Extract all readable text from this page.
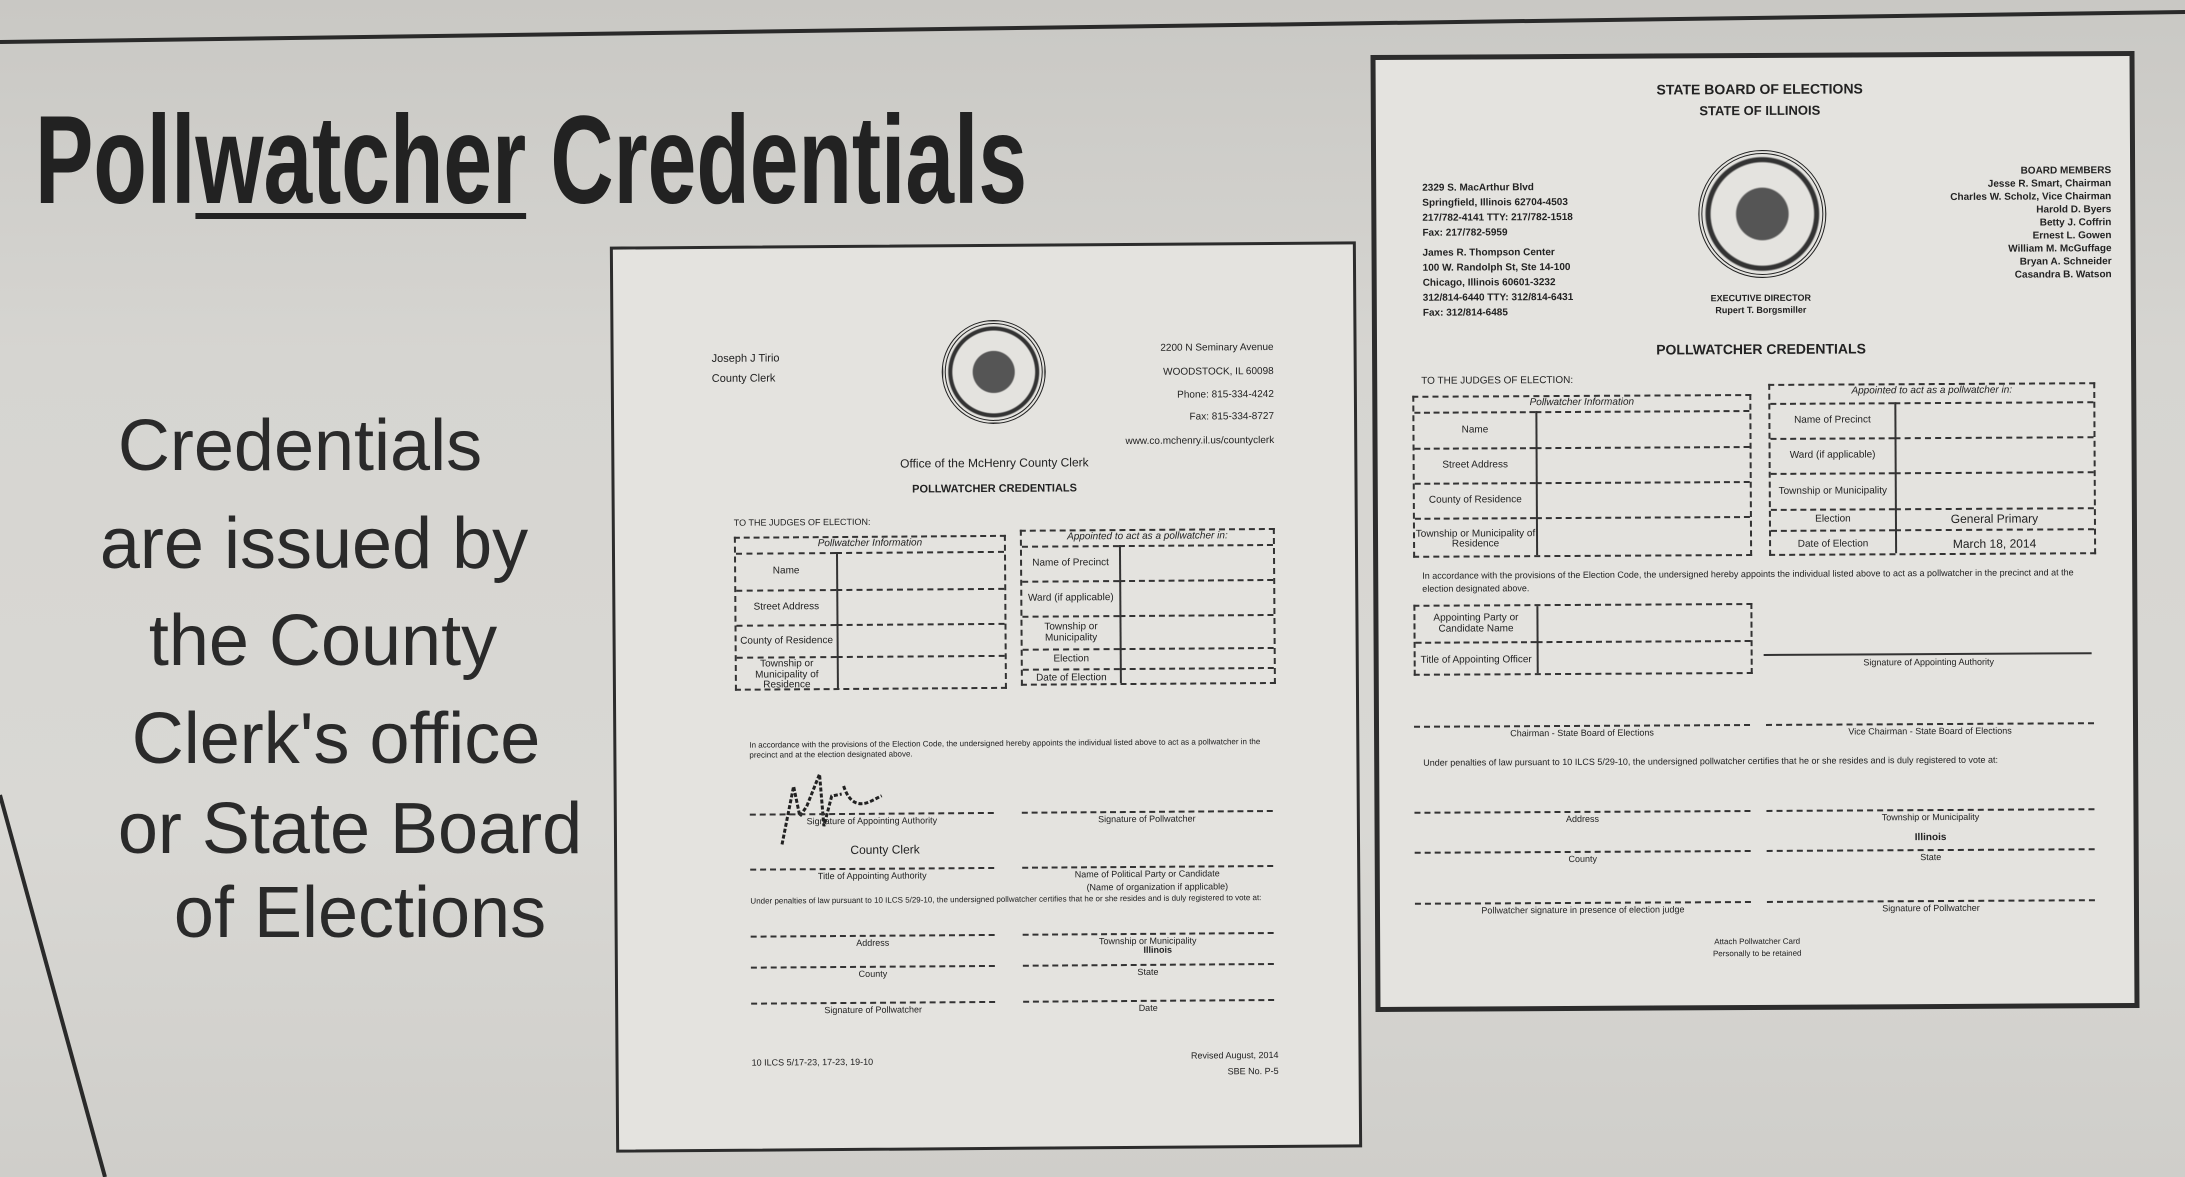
Pollwatcher Credentials
Credentials
are issued by
the County
Clerk's office
or State Board
of Elections
Joseph J Tirio
County Clerk
2200 N Seminary Avenue
WOODSTOCK, IL 60098
Phone: 815-334-4242
Fax: 815-334-8727
www.co.mchenry.il.us/countyclerk
Office of the McHenry County Clerk
POLLWATCHER CREDENTIALS
TO THE JUDGES OF ELECTION:
Pollwatcher Information
Name
Street Address
County of Residence
Township or Municipality of Residence
Appointed to act as a pollwatcher in:
Name of Precinct
Ward (if applicable)
Township or Municipality
Election
Date of Election
In accordance with the provisions of the Election Code, the undersigned hereby appoints the individual listed above to act as a pollwatcher in the precinct and at the election designated above.
Signature of Appointing Authority	Signature of Pollwatcher
County Clerk
Title of Appointing Authority	Name of Political Party or Candidate
(Name of organization if applicable)
Under penalties of law pursuant to 10 ILCS 5/29-10, the undersigned pollwatcher certifies that he or she resides and is duly registered to vote at:
Address	Township or Municipality
Illinois
County	State
Signature of Pollwatcher	Date
10 ILCS 5/17-23, 17-23, 19-10
Revised August, 2014
SBE No. P-5
STATE BOARD OF ELECTIONS
STATE OF ILLINOIS
2329 S. MacArthur Blvd
Springfield, Illinois 62704-4503
217/782-4141 TTY: 217/782-1518
Fax: 217/782-5959
James R. Thompson Center
100 W. Randolph St, Ste 14-100
Chicago, Illinois 60601-3232
312/814-6440 TTY: 312/814-6431
Fax: 312/814-6485
BOARD MEMBERS
Jesse R. Smart, Chairman
Charles W. Scholz, Vice Chairman
Harold D. Byers
Betty J. Coffrin
Ernest L. Gowen
William M. McGuffage
Bryan A. Schneider
Casandra B. Watson
EXECUTIVE DIRECTOR
Rupert T. Borgsmiller
POLLWATCHER CREDENTIALS
TO THE JUDGES OF ELECTION:
Pollwatcher Information
Name
Street Address
County of Residence
Township or Municipality of Residence
Appointed to act as a pollwatcher in:
Name of Precinct
Ward (if applicable)
Township or Municipality
Election	General Primary
Date of Election	March 18, 2014
In accordance with the provisions of the Election Code, the undersigned hereby appoints the individual listed above to act as a pollwatcher in the precinct and at the election designated above.
Appointing Party or Candidate Name
Title of Appointing Officer	Signature of Appointing Authority
Chairman - State Board of Elections	Vice Chairman - State Board of Elections
Under penalties of law pursuant to 10 ILCS 5/29-10, the undersigned pollwatcher certifies that he or she resides and is duly registered to vote at:
Address	Township or Municipality
Illinois
County	State
Pollwatcher signature in presence of election judge	Signature of Pollwatcher
Attach Pollwatcher Card
Personally to be retained
